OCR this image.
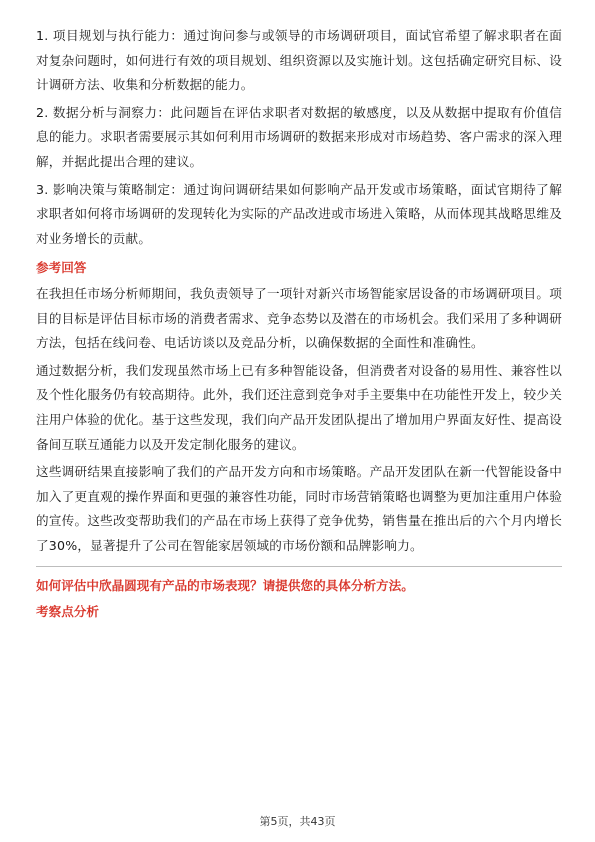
1. 项目规划与执行能力：通过询问参与或领导的市场调研项目，面试官希望了解求职者在面对复杂问题时，如何进行有效的项目规划、组织资源以及实施计划。这包括确定研究目标、设计调研方法、收集和分析数据的能力。

2. 数据分析与洞察力：此问题旨在评估求职者对数据的敏感度，以及从数据中提取有价值信息的能力。求职者需要展示其如何利用市场调研的数据来形成对市场趋势、客户需求的深入理解，并据此提出合理的建议。

3. 影响决策与策略制定：通过询问调研结果如何影响产品开发或市场策略，面试官期待了解求职者如何将市场调研的发现转化为实际的产品改进或市场进入策略，从而体现其战略思维及对业务增长的贡献。

参考回答

在我担任市场分析师期间，我负责领导了一项针对新兴市场智能家居设备的市场调研项目。项目的目标是评估目标市场的消费者需求、竞争态势以及潜在的市场机会。我们采用了多种调研方法，包括在线问卷、电话访谈以及竞品分析，以确保数据的全面性和准确性。

通过数据分析，我们发现虽然市场上已有多种智能设备，但消费者对设备的易用性、兼容性以及个性化服务仍有较高期待。此外，我们还注意到竞争对手主要集中在功能性开发上，较少关注用户体验的优化。基于这些发现，我们向产品开发团队提出了增加用户界面友好性、提高设备间互联互通能力以及开发定制化服务的建议。

这些调研结果直接影响了我们的产品开发方向和市场策略。产品开发团队在新一代智能设备中加入了更直观的操作界面和更强的兼容性功能，同时市场营销策略也调整为更加注重用户体验的宣传。这些改变帮助我们的产品在市场上获得了竞争优势，销售量在推出后的六个月内增长了30%，显著提升了公司在智能家居领域的市场份额和品牌影响力。

如何评估中欣晶圆现有产品的市场表现？请提供您的具体分析方法。
考察点分析
第5页，共43页
